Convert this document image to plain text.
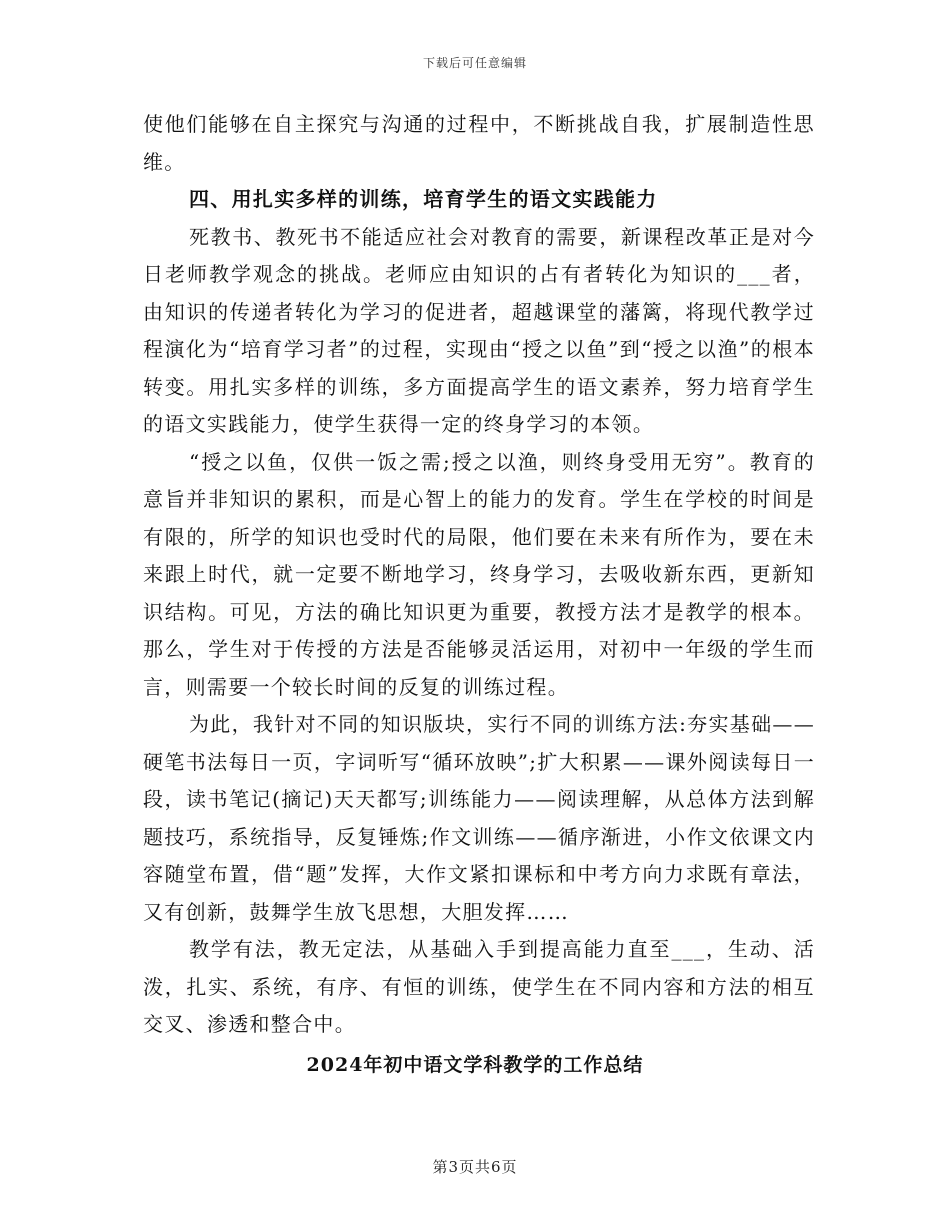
下载后可任意编辑

使他们能够在自主探究与沟通的过程中，不断挑战自我，扩展制造性思维。

四、用扎实多样的训练，培育学生的语文实践能力

死教书、教死书不能适应社会对教育的需要，新课程改革正是对今日老师教学观念的挑战。老师应由知识的占有者转化为知识的___者，由知识的传递者转化为学习的促进者，超越课堂的藩篱，将现代教学过程演化为“培育学习者”的过程，实现由“授之以鱼”到“授之以渔”的根本转变。用扎实多样的训练，多方面提高学生的语文素养，努力培育学生的语文实践能力，使学生获得一定的终身学习的本领。

“授之以鱼，仅供一饭之需;授之以渔，则终身受用无穷”。教育的意旨并非知识的累积，而是心智上的能力的发育。学生在学校的时间是有限的，所学的知识也受时代的局限，他们要在未来有所作为，要在未来跟上时代，就一定要不断地学习，终身学习，去吸收新东西，更新知识结构。可见，方法的确比知识更为重要，教授方法才是教学的根本。那么，学生对于传授的方法是否能够灵活运用，对初中一年级的学生而言，则需要一个较长时间的反复的训练过程。

为此，我针对不同的知识版块，实行不同的训练方法:夯实基础——硬笔书法每日一页，字词听写“循环放映”;扩大积累——课外阅读每日一段，读书笔记(摘记)天天都写;训练能力——阅读理解，从总体方法到解题技巧，系统指导，反复锤炼;作文训练——循序渐进，小作文依课文内容随堂布置，借“题”发挥，大作文紧扣课标和中考方向力求既有章法，又有创新，鼓舞学生放飞思想，大胆发挥……

教学有法，教无定法，从基础入手到提高能力直至___，生动、活泼，扎实、系统，有序、有恒的训练，使学生在不同内容和方法的相互交叉、渗透和整合中。

2024年初中语文学科教学的工作总结
第3页共6页
